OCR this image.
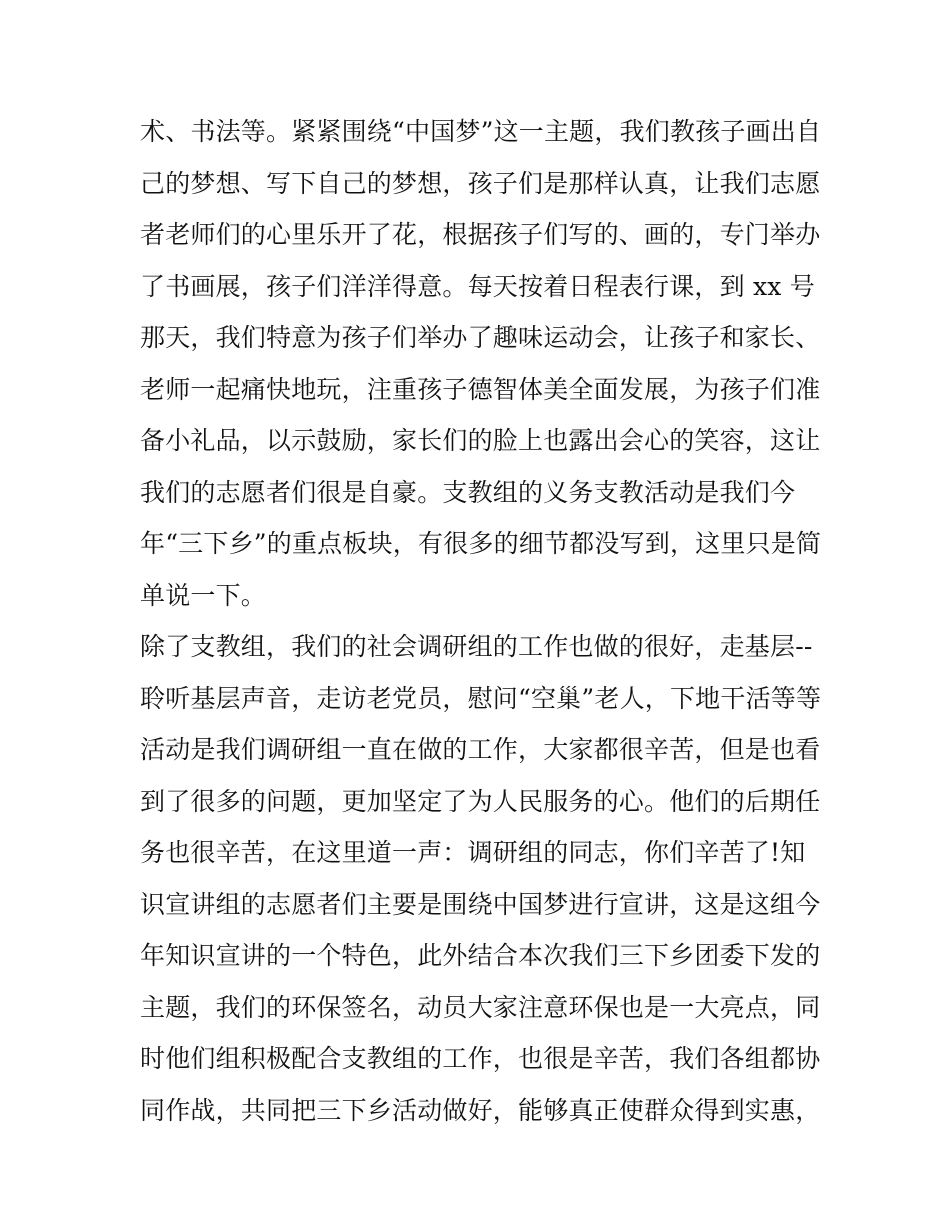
术、书法等。紧紧围绕“中国梦”这一主题，我们教孩子画出自
己的梦想、写下自己的梦想，孩子们是那样认真，让我们志愿
者老师们的心里乐开了花，根据孩子们写的、画的，专门举办
了书画展，孩子们洋洋得意。每天按着日程表行课，到 xx 号
那天，我们特意为孩子们举办了趣味运动会，让孩子和家长、
老师一起痛快地玩，注重孩子德智体美全面发展，为孩子们准
备小礼品，以示鼓励，家长们的脸上也露出会心的笑容，这让
我们的志愿者们很是自豪。支教组的义务支教活动是我们今
年“三下乡”的重点板块，有很多的细节都没写到，这里只是简
单说一下。
除了支教组，我们的社会调研组的工作也做的很好，走基层--
聆听基层声音，走访老党员，慰问“空巢”老人，下地干活等等
活动是我们调研组一直在做的工作，大家都很辛苦，但是也看
到了很多的问题，更加坚定了为人民服务的心。他们的后期任
务也很辛苦，在这里道一声：调研组的同志，你们辛苦了!知
识宣讲组的志愿者们主要是围绕中国梦进行宣讲，这是这组今
年知识宣讲的一个特色，此外结合本次我们三下乡团委下发的
主题，我们的环保签名，动员大家注意环保也是一大亮点，同
时他们组积极配合支教组的工作，也很是辛苦，我们各组都协
同作战，共同把三下乡活动做好，能够真正使群众得到实惠，
